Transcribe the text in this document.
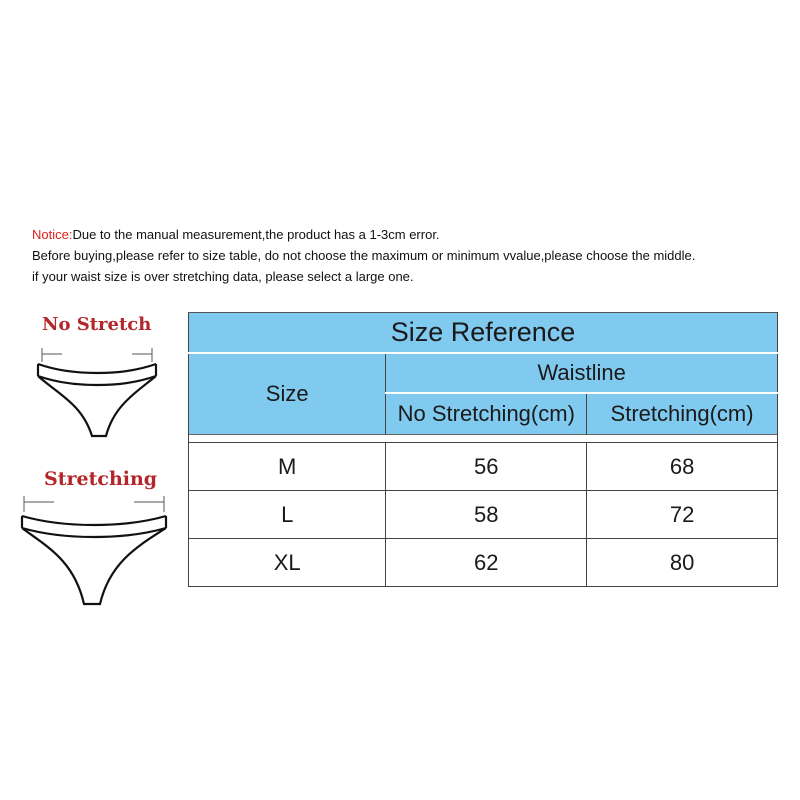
Notice:Due to the manual measurement,the product has a 1-3cm error.
Before buying,please refer to size table, do not choose the maximum or minimum vvalue,please choose the middle.
if your waist size is over stretching data, please select a large one.
No Stretch
Stretching
Size Reference		
Size	Waistline	
	No Stretching(cm)	Stretching(cm)

M	56	68
L	58	72
XL	62	80
